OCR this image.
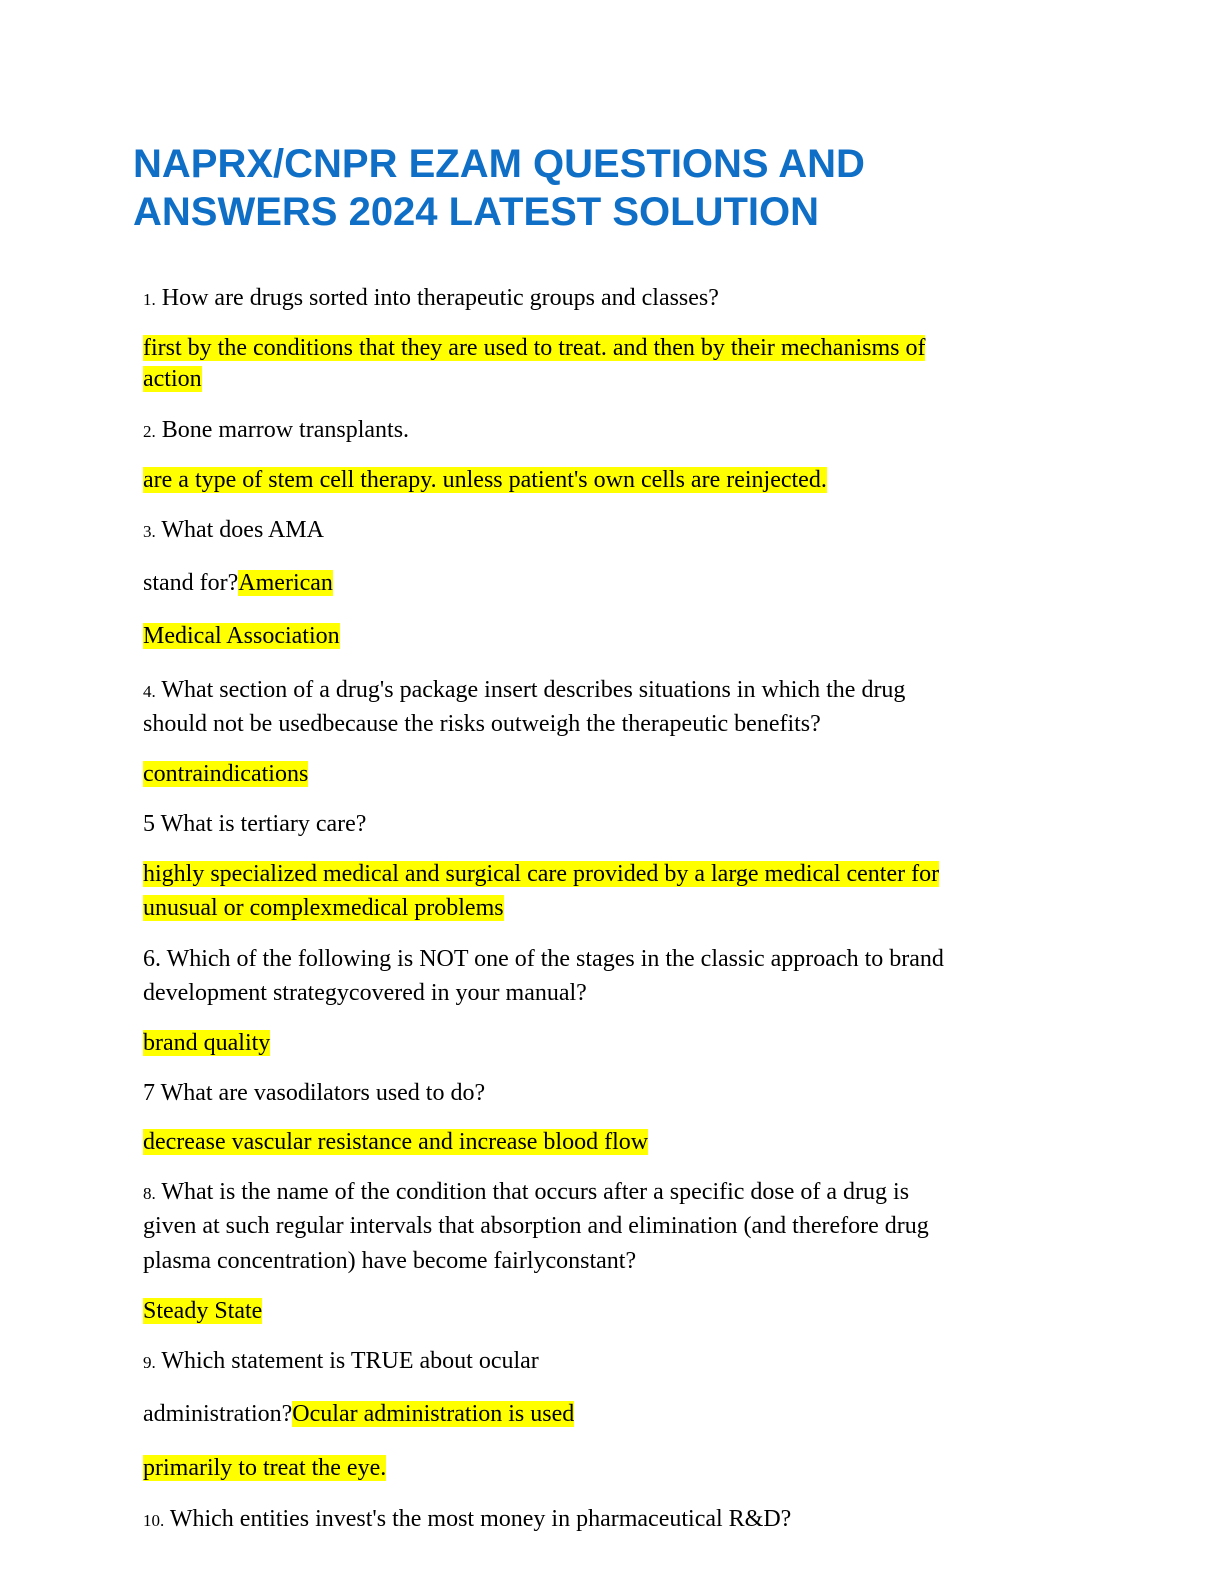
NAPRX/CNPR EZAM QUESTIONS AND ANSWERS 2024 LATEST SOLUTION

1. How are drugs sorted into therapeutic groups and classes?

first by the conditions that they are used to treat. and then by their mechanisms of

action

2. Bone marrow transplants.

are a type of stem cell therapy. unless patient's own cells are reinjected.

3. What does AMA

stand for?American

Medical Association

4. What section of a drug's package insert describes situations in which the drug

should not be usedbecause the risks outweigh the therapeutic benefits?

contraindications

5 What is tertiary care?

highly specialized medical and surgical care provided by a large medical center for

unusual or complexmedical problems

6. Which of the following is NOT one of the stages in the classic approach to brand

development strategycovered in your manual?

brand quality

7 What are vasodilators used to do?

decrease vascular resistance and increase blood flow

8. What is the name of the condition that occurs after a specific dose of a drug is

given at such regular intervals that absorption and elimination (and therefore drug

plasma concentration) have become fairlyconstant?

Steady State

9. Which statement is TRUE about ocular

administration?Ocular administration is used

primarily to treat the eye.

10. Which entities invest's the most money in pharmaceutical R&D?
